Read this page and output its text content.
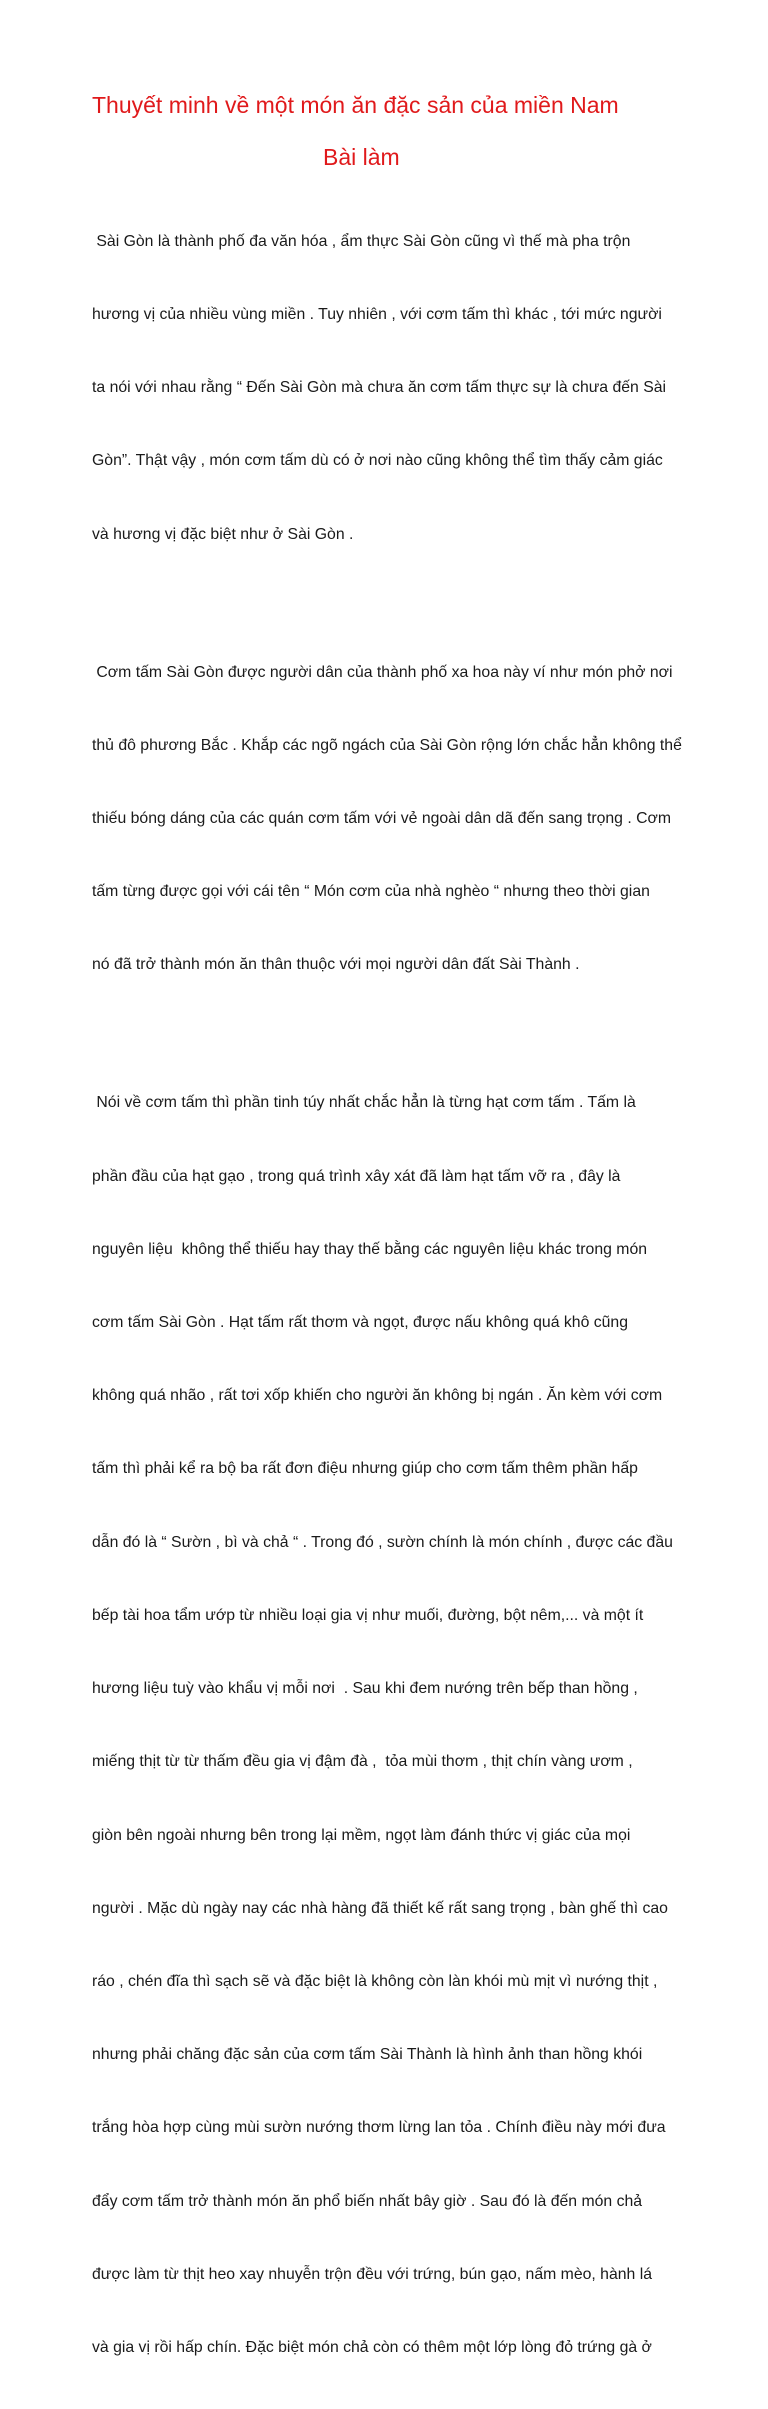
Thuyết minh về một món ăn đặc sản của miền Nam
Bài làm

Sài Gòn là thành phố đa văn hóa , ẩm thực Sài Gòn cũng vì thế mà pha trộn

hương vị của nhiều vùng miền . Tuy nhiên , với cơm tấm thì khác , tới mức người

ta nói với nhau rằng “ Đến Sài Gòn mà chưa ăn cơm tấm thực sự là chưa đến Sài

Gòn”. Thật vậy , món cơm tấm dù có ở nơi nào cũng không thể tìm thấy cảm giác

và hương vị đặc biệt như ở Sài Gòn .

Cơm tấm Sài Gòn được người dân của thành phố xa hoa này ví như món phở nơi

thủ đô phương Bắc . Khắp các ngõ ngách của Sài Gòn rộng lớn chắc hẳn không thể

thiếu bóng dáng của các quán cơm tấm với vẻ ngoài dân dã đến sang trọng . Cơm

tấm từng được gọi với cái tên “ Món cơm của nhà nghèo “ nhưng theo thời gian

nó đã trở thành món ăn thân thuộc với mọi người dân đất Sài Thành .

Nói về cơm tấm thì phần tinh túy nhất chắc hẳn là từng hạt cơm tấm . Tấm là

phần đầu của hạt gạo , trong quá trình xây xát đã làm hạt tấm vỡ ra , đây là

nguyên liệu  không thể thiếu hay thay thế bằng các nguyên liệu khác trong món

cơm tấm Sài Gòn . Hạt tấm rất thơm và ngọt, được nấu không quá khô cũng

không quá nhão , rất tơi xốp khiến cho người ăn không bị ngán . Ăn kèm với cơm

tấm thì phải kể ra bộ ba rất đơn điệu nhưng giúp cho cơm tấm thêm phần hấp

dẫn đó là “ Sườn , bì và chả “ . Trong đó , sườn chính là món chính , được các đầu

bếp tài hoa tẩm ướp từ nhiều loại gia vị như muối, đường, bột nêm,... và một ít

hương liệu tuỳ vào khẩu vị mỗi nơi  . Sau khi đem nướng trên bếp than hồng ,

miếng thịt từ từ thấm đều gia vị đậm đà ,  tỏa mùi thơm , thịt chín vàng ươm ,

giòn bên ngoài nhưng bên trong lại mềm, ngọt làm đánh thức vị giác của mọi

người . Mặc dù ngày nay các nhà hàng đã thiết kế rất sang trọng , bàn ghế thì cao

ráo , chén đĩa thì sạch sẽ và đặc biệt là không còn làn khói mù mịt vì nướng thịt ,

nhưng phải chăng đặc sản của cơm tấm Sài Thành là hình ảnh than hồng khói

trắng hòa hợp cùng mùi sườn nướng thơm lừng lan tỏa . Chính điều này mới đưa

đẩy cơm tấm trở thành món ăn phổ biến nhất bây giờ . Sau đó là đến món chả

được làm từ thịt heo xay nhuyễn trộn đều với trứng, bún gạo, nấm mèo, hành lá

và gia vị rồi hấp chín. Đặc biệt món chả còn có thêm một lớp lòng đỏ trứng gà ở
